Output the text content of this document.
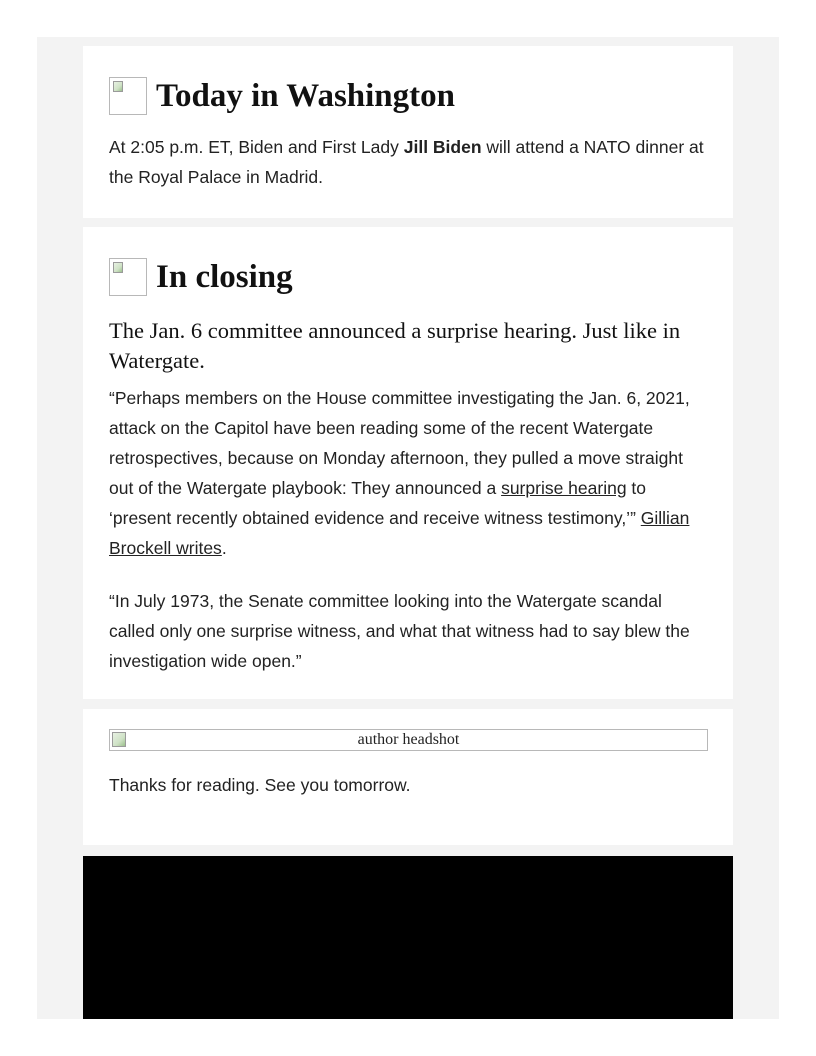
Today in Washington

At 2:05 p.m. ET, Biden and First Lady Jill Biden will attend a NATO dinner at the Royal Palace in Madrid.

In closing
The Jan. 6 committee announced a surprise hearing. Just like in Watergate.

“Perhaps members on the House committee investigating the Jan. 6, 2021, attack on the Capitol have been reading some of the recent Watergate retrospectives, because on Monday afternoon, they pulled a move straight out of the Watergate playbook: They announced a surprise hearing to ‘present recently obtained evidence and receive witness testimony,’” Gillian Brockell writes.

“In July 1973, the Senate committee looking into the Watergate scandal called only one surprise witness, and what that witness had to say blew the investigation wide open.”

author headshot

Thanks for reading. See you tomorrow.
